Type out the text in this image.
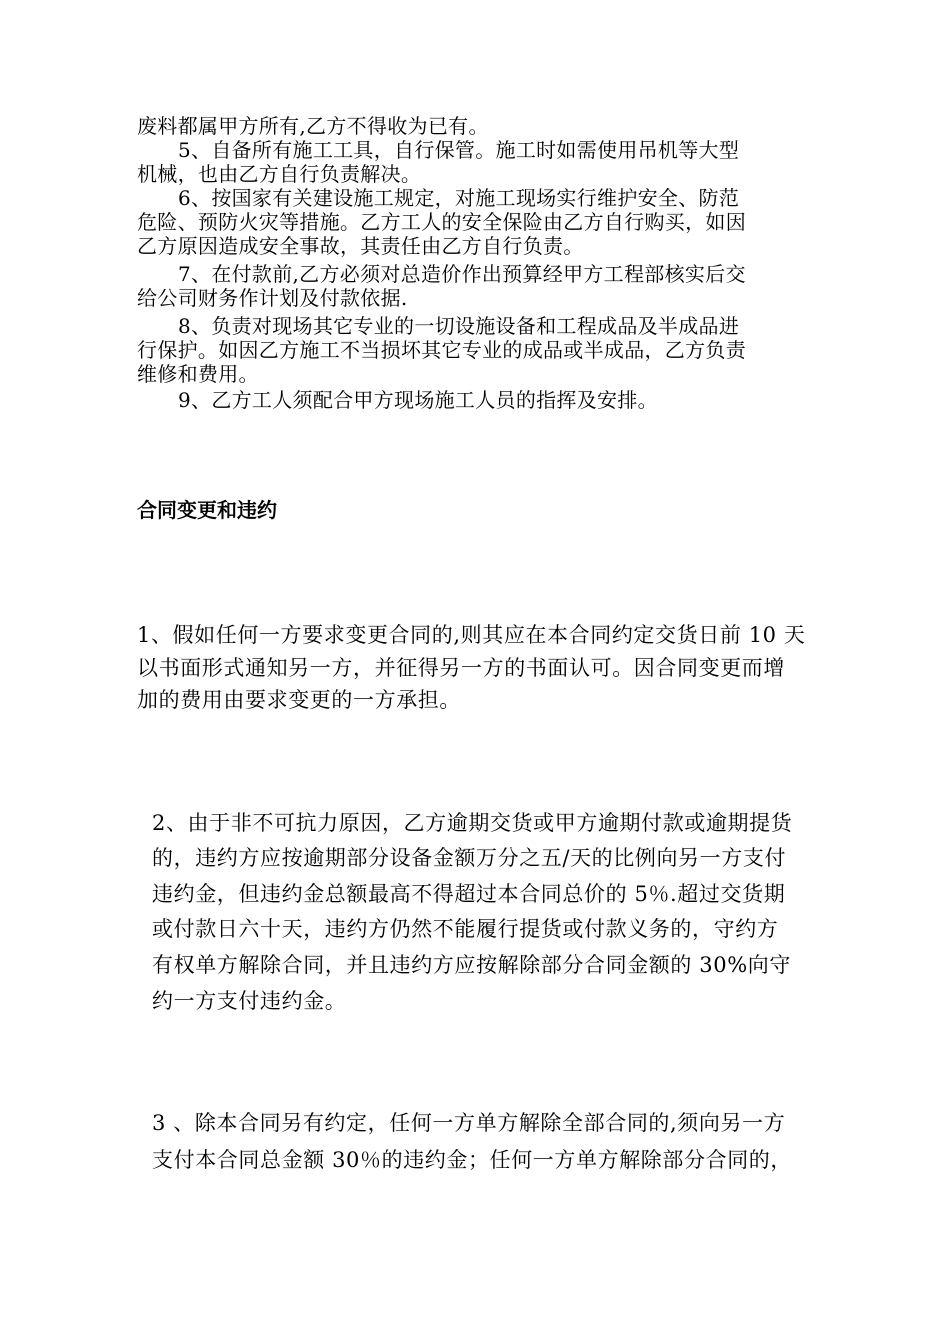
废料都属甲方所有,乙方不得收为已有。
5、自备所有施工工具，自行保管。施工时如需使用吊机等大型
机械，也由乙方自行负责解决。
6、按国家有关建设施工规定，对施工现场实行维护安全、防范
危险、预防火灾等措施。乙方工人的安全保险由乙方自行购买，如因
乙方原因造成安全事故，其责任由乙方自行负责。
7、在付款前,乙方必须对总造价作出预算经甲方工程部核实后交
给公司财务作计划及付款依据.
8、负责对现场其它专业的一切设施设备和工程成品及半成品进
行保护。如因乙方施工不当损坏其它专业的成品或半成品，乙方负责
维修和费用。
9、乙方工人须配合甲方现场施工人员的指挥及安排。
合同变更和违约
1、假如任何一方要求变更合同的,则其应在本合同约定交货日前 10 天
以书面形式通知另一方，并征得另一方的书面认可。因合同变更而增
加的费用由要求变更的一方承担。
2、由于非不可抗力原因，乙方逾期交货或甲方逾期付款或逾期提货
的，违约方应按逾期部分设备金额万分之五/天的比例向另一方支付
违约金，但违约金总额最高不得超过本合同总价的 5％.超过交货期
或付款日六十天，违约方仍然不能履行提货或付款义务的，守约方
有权单方解除合同，并且违约方应按解除部分合同金额的 30%向守
约一方支付违约金。
3 、除本合同另有约定，任何一方单方解除全部合同的,须向另一方
支付本合同总金额 30％的违约金；任何一方单方解除部分合同的，
